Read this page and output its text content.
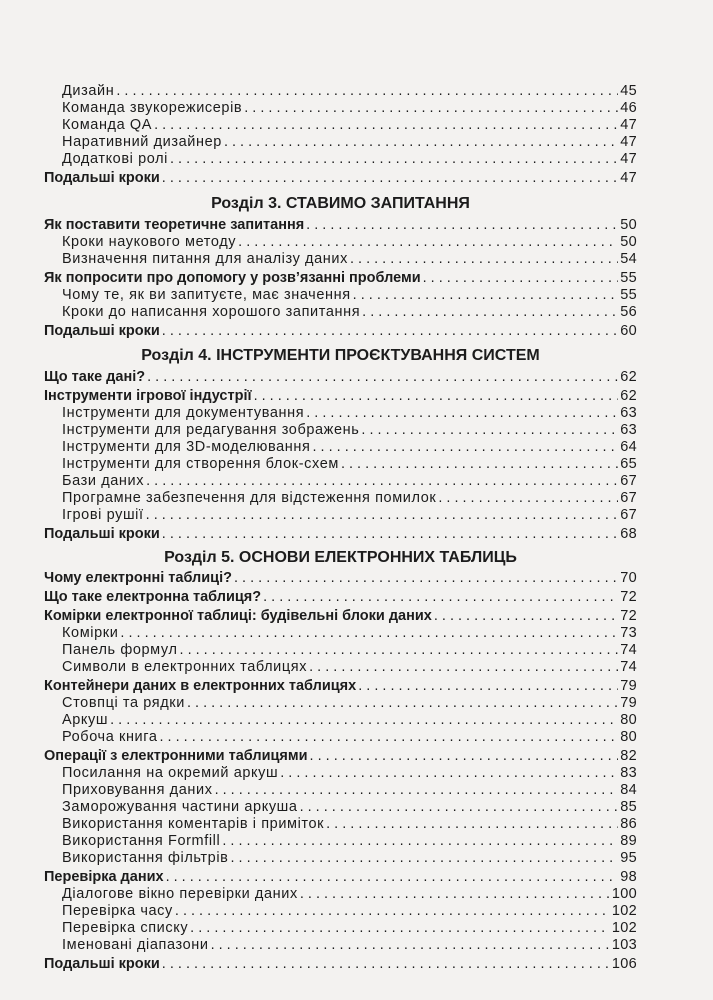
Дизайн . . .	45
Команда звукорежисерів . . .	46
Команда QA . . .	47
Наративний дизайнер . . .	47
Додаткові ролі . . .	47
Подальші кроки . . .	47
Розділ 3. СТАВИМО ЗАПИТАННЯ
Як поставити теоретичне запитання . . .	50
Кроки наукового методу . . .	50
Визначення питання для аналізу даних . . .	54
Як попросити про допомогу у розв’язанні проблеми . . .	55
Чому те, як ви запитуєте, має значення . . .	55
Кроки до написання хорошого запитання . . .	56
Подальші кроки . . .	60
Розділ 4. ІНСТРУМЕНТИ ПРОЄКТУВАННЯ СИСТЕМ
Що таке дані? . . .	62
Інструменти ігрової індустрії . . .	62
Інструменти для документування . . .	63
Інструменти для редагування зображень . . .	63
Інструменти для 3D-моделювання . . .	64
Інструменти для створення блок-схем . . .	65
Бази даних . . .	67
Програмне забезпечення для відстеження помилок . . .	67
Ігрові рушії . . .	67
Подальші кроки . . .	68
Розділ 5. ОСНОВИ ЕЛЕКТРОННИХ ТАБЛИЦЬ
Чому електронні таблиці? . . .	70
Що таке електронна таблиця? . . .	72
Комірки електронної таблиці: будівельні блоки даних . . .	72
Комірки . . .	73
Панель формул . . .	74
Символи в електронних таблицях . . .	74
Контейнери даних в електронних таблицях . . .	79
Стовпці та рядки . . .	79
Аркуш . . .	80
Робоча книга . . .	80
Операції з електронними таблицями . . .	82
Посилання на окремий аркуш . . .	83
Приховування даних . . .	84
Заморожування частини аркуша . . .	85
Використання коментарів і приміток . . .	86
Використання Formfill . . .	89
Використання фільтрів . . .	95
Перевірка даних . . .	98
Діалогове вікно перевірки даних . . .	100
Перевірка часу . . .	102
Перевірка списку . . .	102
Іменовані діапазони . . .	103
Подальші кроки . . .	106
